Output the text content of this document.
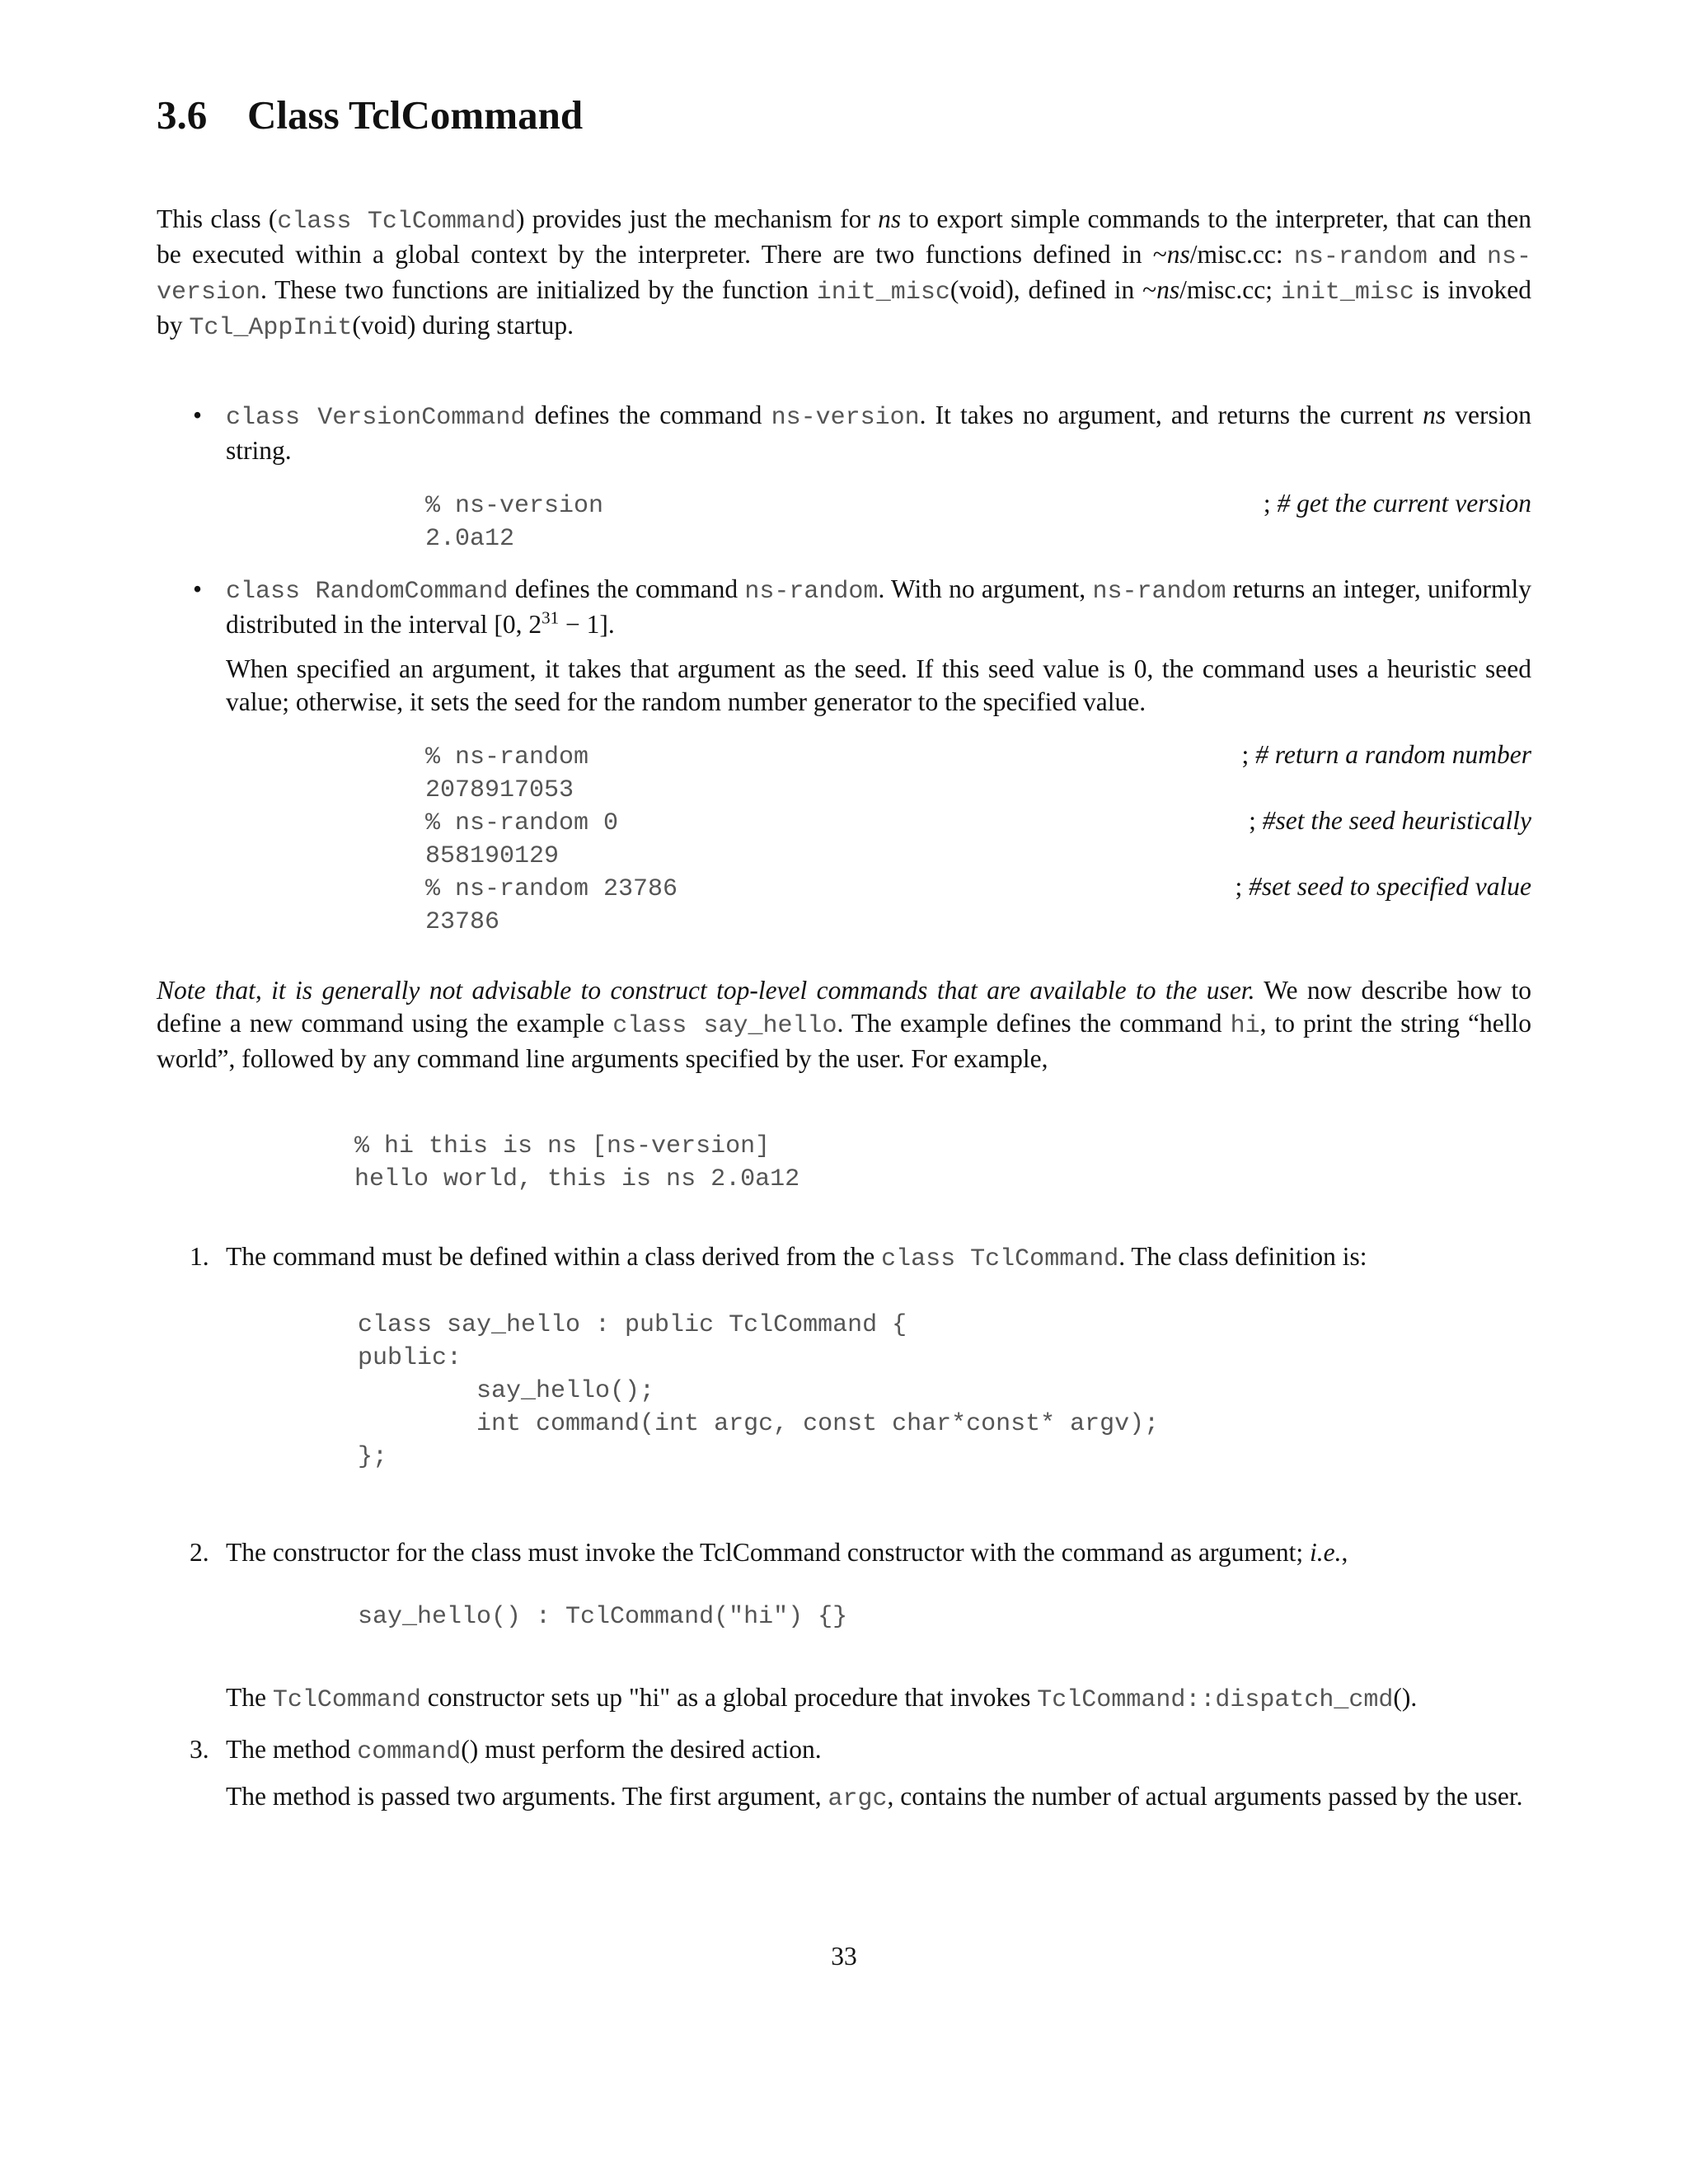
3.6 Class TclCommand

This class (class TclCommand) provides just the mechanism for ns to export simple commands to the interpreter, that can then be executed within a global context by the interpreter. There are two functions defined in ~ns/misc.cc: ns-random and ns-version. These two functions are initialized by the function init_misc(void), defined in ~ns/misc.cc; init_misc is invoked by Tcl_AppInit(void) during startup.

• class VersionCommand defines the command ns-version. It takes no argument, and returns the current ns version string.

% ns-version	; # get the current version
2.0a12
• class RandomCommand defines the command ns-random. With no argument, ns-random returns an integer, uniformly distributed in the interval [0, $2^{31} - 1$].

When specified an argument, it takes that argument as the seed. If this seed value is 0, the command uses a heuristic seed value; otherwise, it sets the seed for the random number generator to the specified value.

% ns-random	; # return a random number
2078917053
% ns-random 0	; #set the seed heuristically
858190129
% ns-random 23786	; #set seed to specified value
23786

Note that, it is generally not advisable to construct top-level commands that are available to the user. We now describe how to define a new command using the example class say_hello. The example defines the command hi, to print the string “hello world”, followed by any command line arguments specified by the user. For example,

% hi this is ns [ns-version]
hello world, this is ns 2.0a12
1. The command must be defined within a class derived from the class TclCommand. The class definition is:

class say_hello : public TclCommand {
public:
say_hello();
int command(int argc, const char*const* argv);
};
2. The constructor for the class must invoke the TclCommand constructor with the command as argument; i.e.,

say_hello() : TclCommand("hi") {}

The TclCommand constructor sets up "hi" as a global procedure that invokes TclCommand::dispatch_cmd().

3. The method command() must perform the desired action.

The method is passed two arguments. The first argument, argc, contains the number of actual arguments passed by the user.

33
